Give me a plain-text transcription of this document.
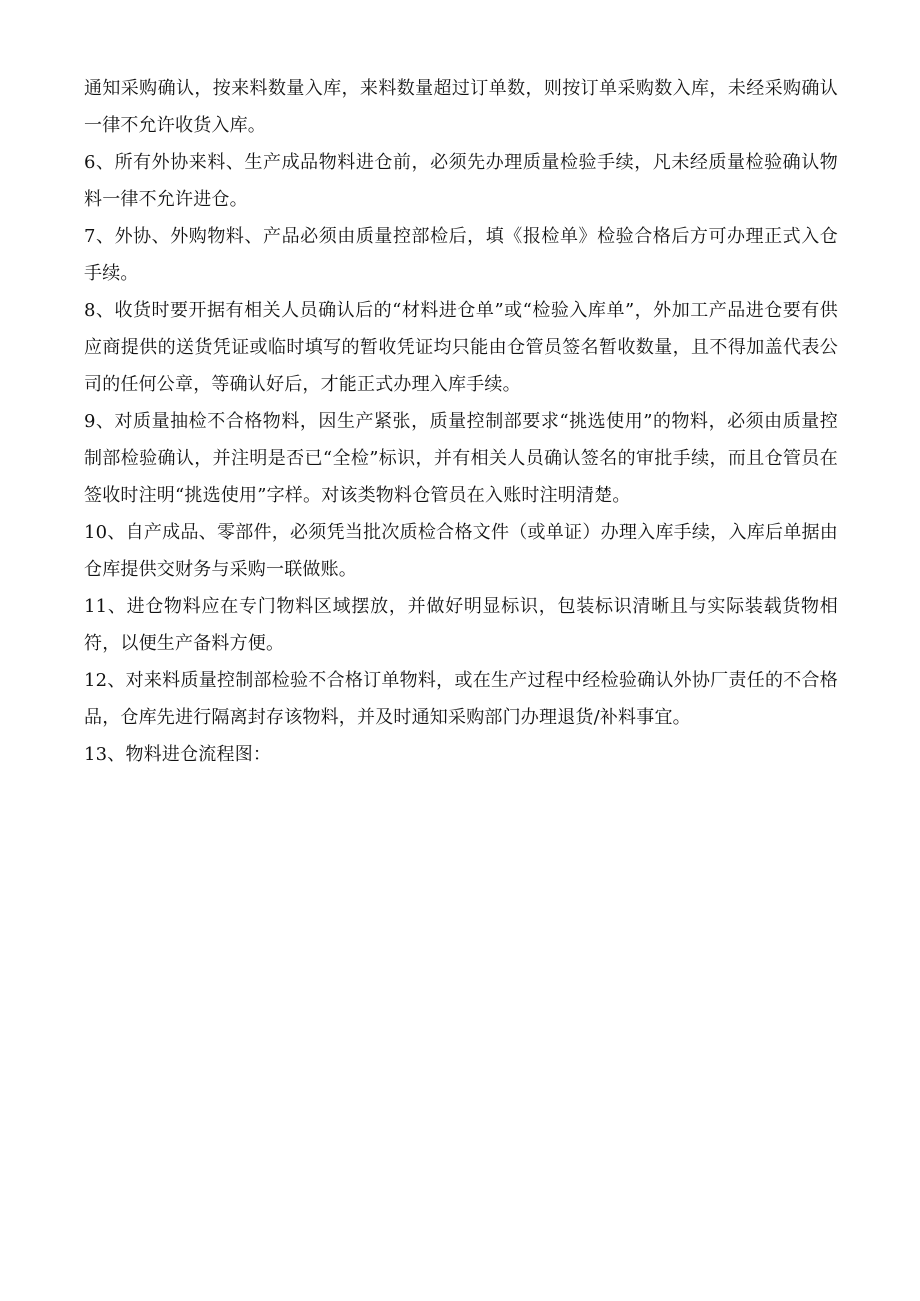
通知采购确认，按来料数量入库，来料数量超过订单数，则按订单采购数入库，未经采购确认一律不允许收货入库。

6、所有外协来料、生产成品物料进仓前，必须先办理质量检验手续，凡未经质量检验确认物料一律不允许进仓。

7、外协、外购物料、产品必须由质量控部检后，填《报检单》检验合格后方可办理正式入仓手续。

8、收货时要开据有相关人员确认后的“材料进仓单”或“检验入库单”，外加工产品进仓要有供应商提供的送货凭证或临时填写的暂收凭证均只能由仓管员签名暂收数量，且不得加盖代表公司的任何公章，等确认好后，才能正式办理入库手续。

9、对质量抽检不合格物料，因生产紧张，质量控制部要求“挑选使用”的物料，必须由质量控制部检验确认，并注明是否已“全检”标识，并有相关人员确认签名的审批手续，而且仓管员在签收时注明“挑选使用”字样。对该类物料仓管员在入账时注明清楚。

10、自产成品、零部件，必须凭当批次质检合格文件（或单证）办理入库手续，入库后单据由仓库提供交财务与采购一联做账。

11、进仓物料应在专门物料区域摆放，并做好明显标识，包装标识清晰且与实际装载货物相符，以便生产备料方便。

12、对来料质量控制部检验不合格订单物料，或在生产过程中经检验确认外协厂责任的不合格品，仓库先进行隔离封存该物料，并及时通知采购部门办理退货/补料事宜。

13、物料进仓流程图：
